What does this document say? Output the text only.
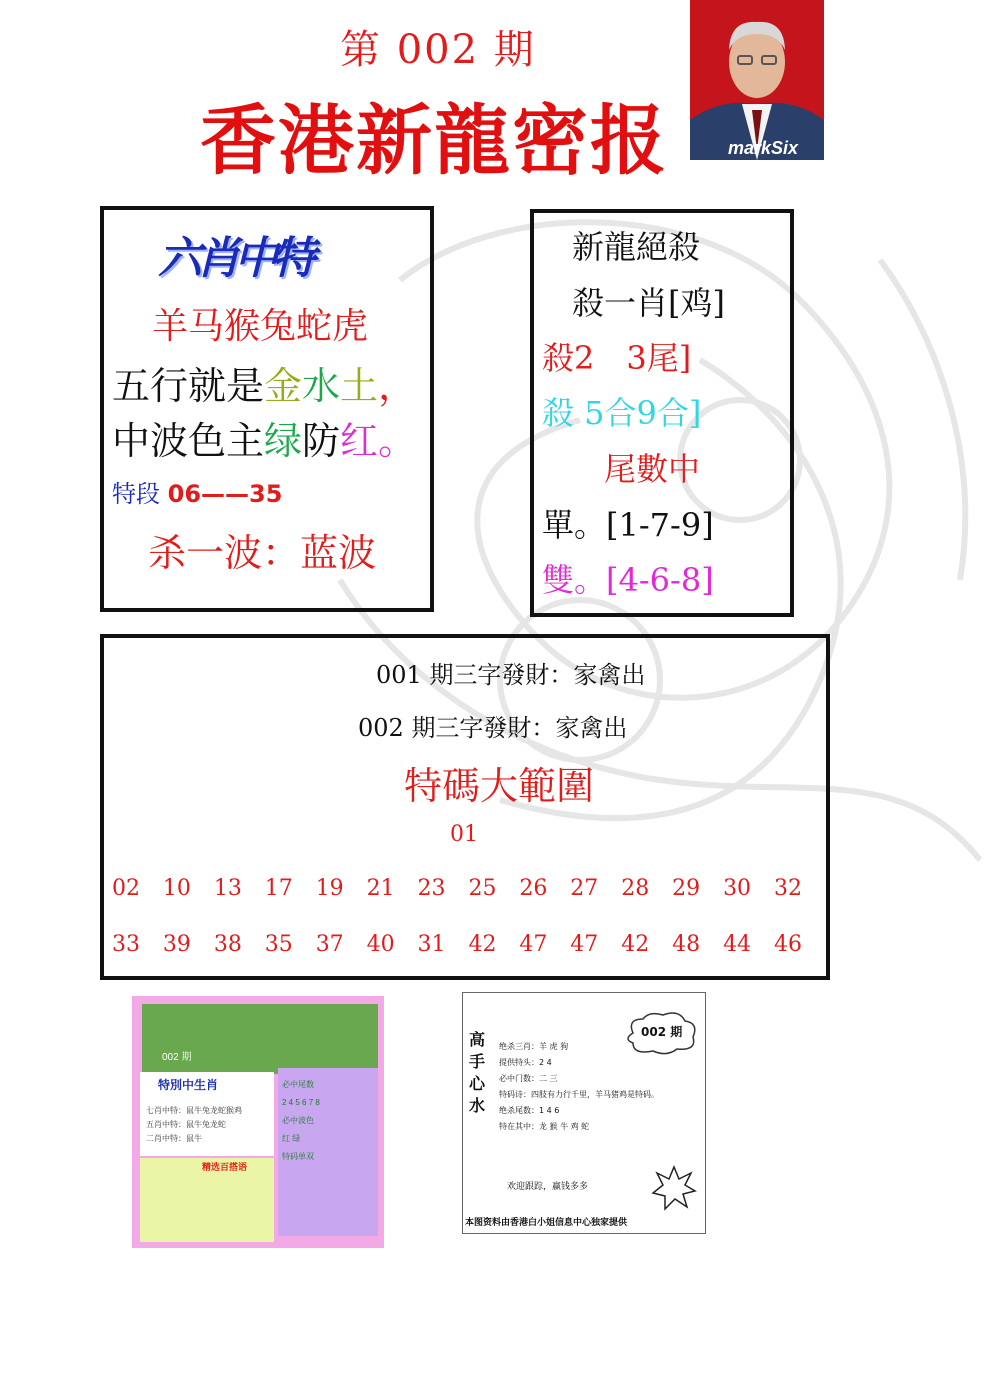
第 002 期
香港新龍密报	markSix
六肖中特
羊马猴兔蛇虎
五行就是金水土，
中波色主绿防红。
特段 06——35
杀一波：蓝波
新龍絕殺
殺一肖[鸡]
殺2　3尾]
殺 5合9合]
尾數中
單。[1-7-9]
雙。[4-6-8]
001 期三字發財：家禽出
002 期三字發財：家禽出
特碼大範圍
01
02 10 13 17 19 21 23 25 26 27 28 29 30 32
33 39 38 35 37 40 31 42 47 47 42 48 44 46
002 期
特別中生肖
七肖中特：鼠牛兔龙蛇猴鸡
五肖中特：鼠牛兔龙蛇
二肖中特：鼠牛
精选百搭语
必中尾数
2 4 5 6 7 8
必中波色
红 绿
特码单双
高
手
心
水
002 期
绝杀三肖：羊 虎 狗
提供特头：2 4
必中门数：二 三
特码诗：四肢有力行千里，羊马猪鸡是特码。
绝杀尾数：1 4 6
特在其中：龙 猴 牛 鸡 蛇
欢迎跟踪，赢钱多多
本图资料由香港白小姐信息中心独家提供
